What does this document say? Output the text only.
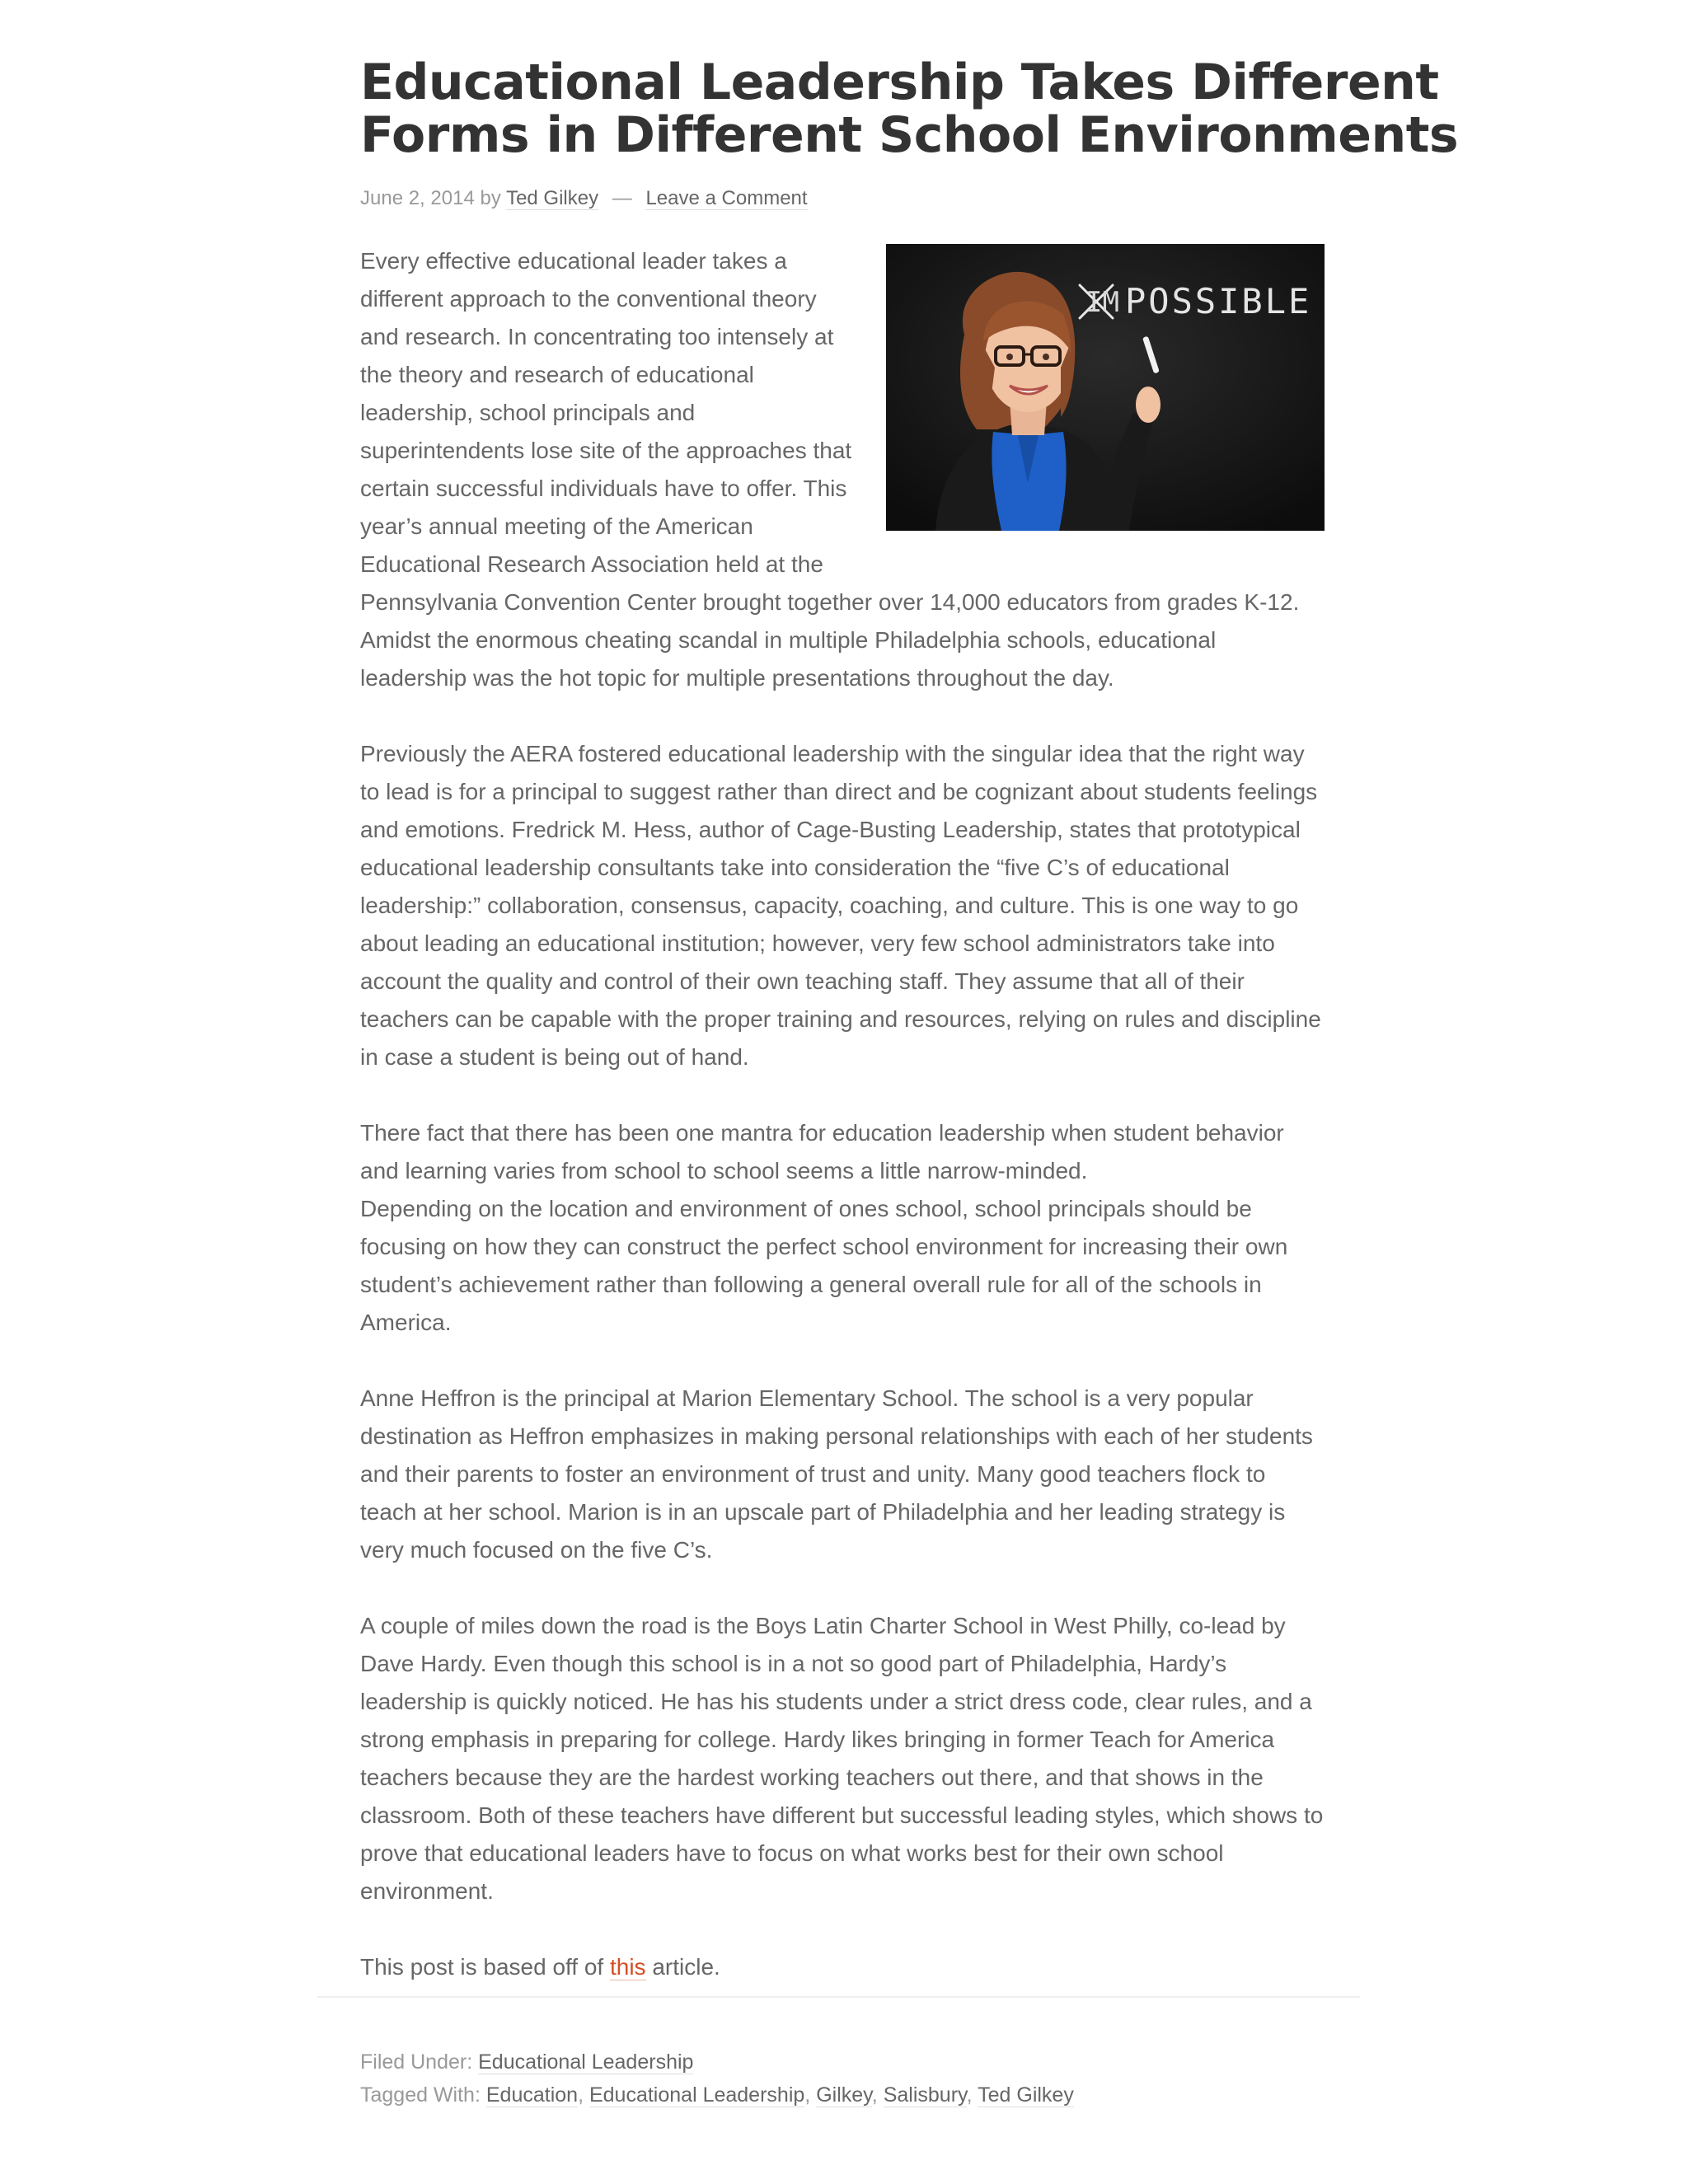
Educational Leadership Takes Different
Forms in Different School Environments
June 2, 2014 by Ted Gilkey — Leave a Comment
IM POSSIBLE

Every effective educational leader takes a different approach to the conventional theory and research. In concentrating too intensely at the theory and research of educational leadership, school principals and superintendents lose site of the approaches that certain successful individuals have to offer. This year’s annual meeting of the American Educational Research Association held at the Pennsylvania Convention Center brought together over 14,000 educators from grades K-12. Amidst the enormous cheating scandal in multiple Philadelphia schools, educational leadership was the hot topic for multiple presentations throughout the day.

Previously the AERA fostered educational leadership with the singular idea that the right way to lead is for a principal to suggest rather than direct and be cognizant about students feelings and emotions. Fredrick M. Hess, author of Cage-Busting Leadership, states that prototypical educational leadership consultants take into consideration the “five C’s of educational leadership:” collaboration, consensus, capacity, coaching, and culture. This is one way to go about leading an educational institution; however, very few school administrators take into account the quality and control of their own teaching staff. They assume that all of their teachers can be capable with the proper training and resources, relying on rules and discipline in case a student is being out of hand.

There fact that there has been one mantra for education leadership when student behavior and learning varies from school to school seems a little narrow-minded.

Depending on the location and environment of ones school, school principals should be focusing on how they can construct the perfect school environment for increasing their own student’s achievement rather than following a general overall rule for all of the schools in America.

Anne Heffron is the principal at Marion Elementary School. The school is a very popular destination as Heffron emphasizes in making personal relationships with each of her students and their parents to foster an environment of trust and unity. Many good teachers flock to teach at her school. Marion is in an upscale part of Philadelphia and her leading strategy is very much focused on the five C’s.

A couple of miles down the road is the Boys Latin Charter School in West Philly, co-lead by Dave Hardy. Even though this school is in a not so good part of Philadelphia, Hardy’s leadership is quickly noticed. He has his students under a strict dress code, clear rules, and a strong emphasis in preparing for college. Hardy likes bringing in former Teach for America teachers because they are the hardest working teachers out there, and that shows in the classroom. Both of these teachers have different but successful leading styles, which shows to prove that educational leaders have to focus on what works best for their own school environment.

This post is based off of this article.

Filed Under: Educational Leadership
Tagged With: Education, Educational Leadership, Gilkey, Salisbury, Ted Gilkey
